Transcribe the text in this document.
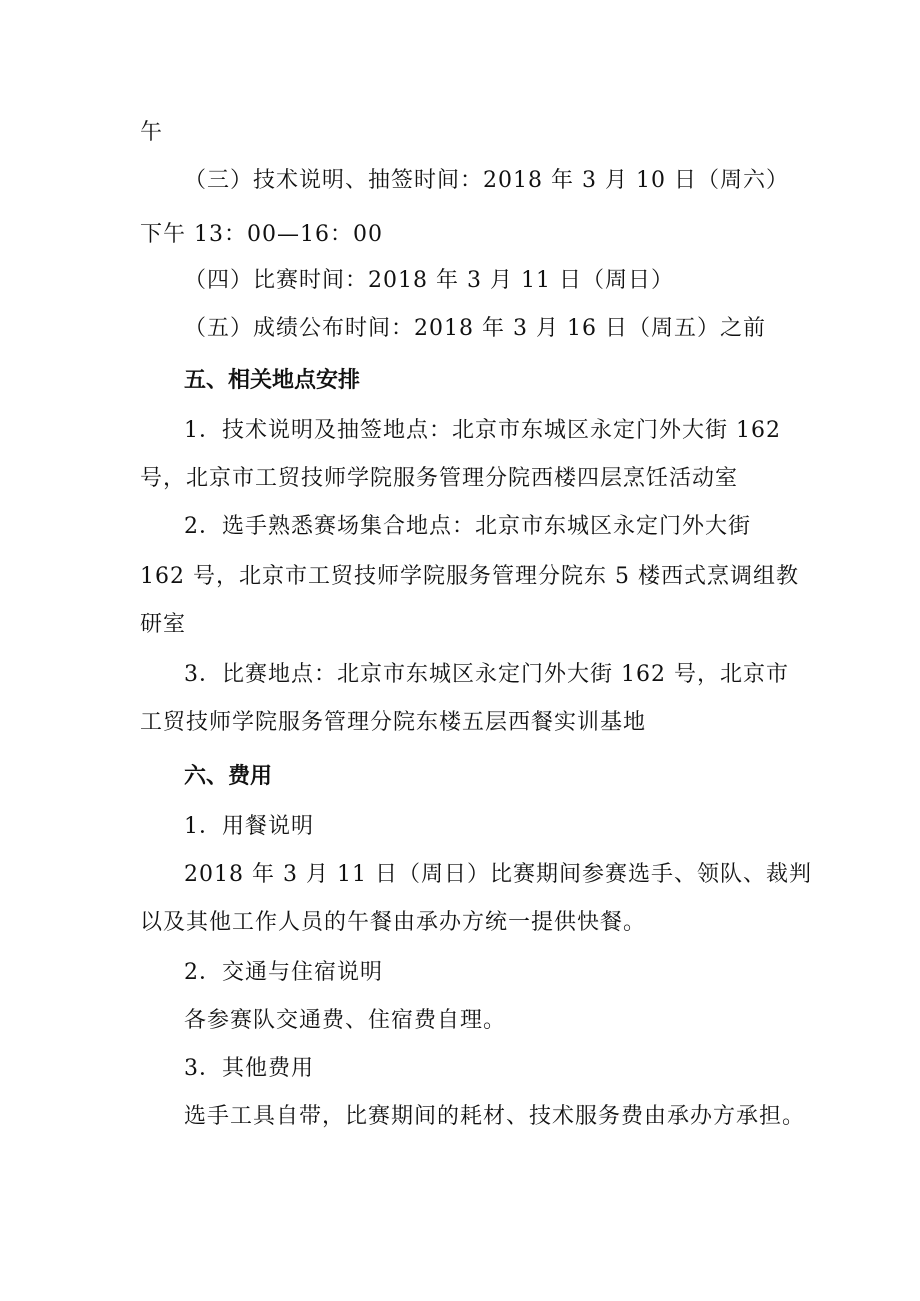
午
（三）技术说明、抽签时间：2018 年 3 月 10 日（周六）
下午 13：00—16：00
（四）比赛时间：2018 年 3 月 11 日（周日）
（五）成绩公布时间：2018 年 3 月 16 日（周五）之前
五、相关地点安排
1．技术说明及抽签地点：北京市东城区永定门外大街 162
号，北京市工贸技师学院服务管理分院西楼四层烹饪活动室
2．选手熟悉赛场集合地点：北京市东城区永定门外大街
162 号，北京市工贸技师学院服务管理分院东 5 楼西式烹调组教
研室
3．比赛地点：北京市东城区永定门外大街 162 号，北京市
工贸技师学院服务管理分院东楼五层西餐实训基地
六、费用
1．用餐说明
2018 年 3 月 11 日（周日）比赛期间参赛选手、领队、裁判
以及其他工作人员的午餐由承办方统一提供快餐。
2．交通与住宿说明
各参赛队交通费、住宿费自理。
3．其他费用
选手工具自带，比赛期间的耗材、技术服务费由承办方承担。
